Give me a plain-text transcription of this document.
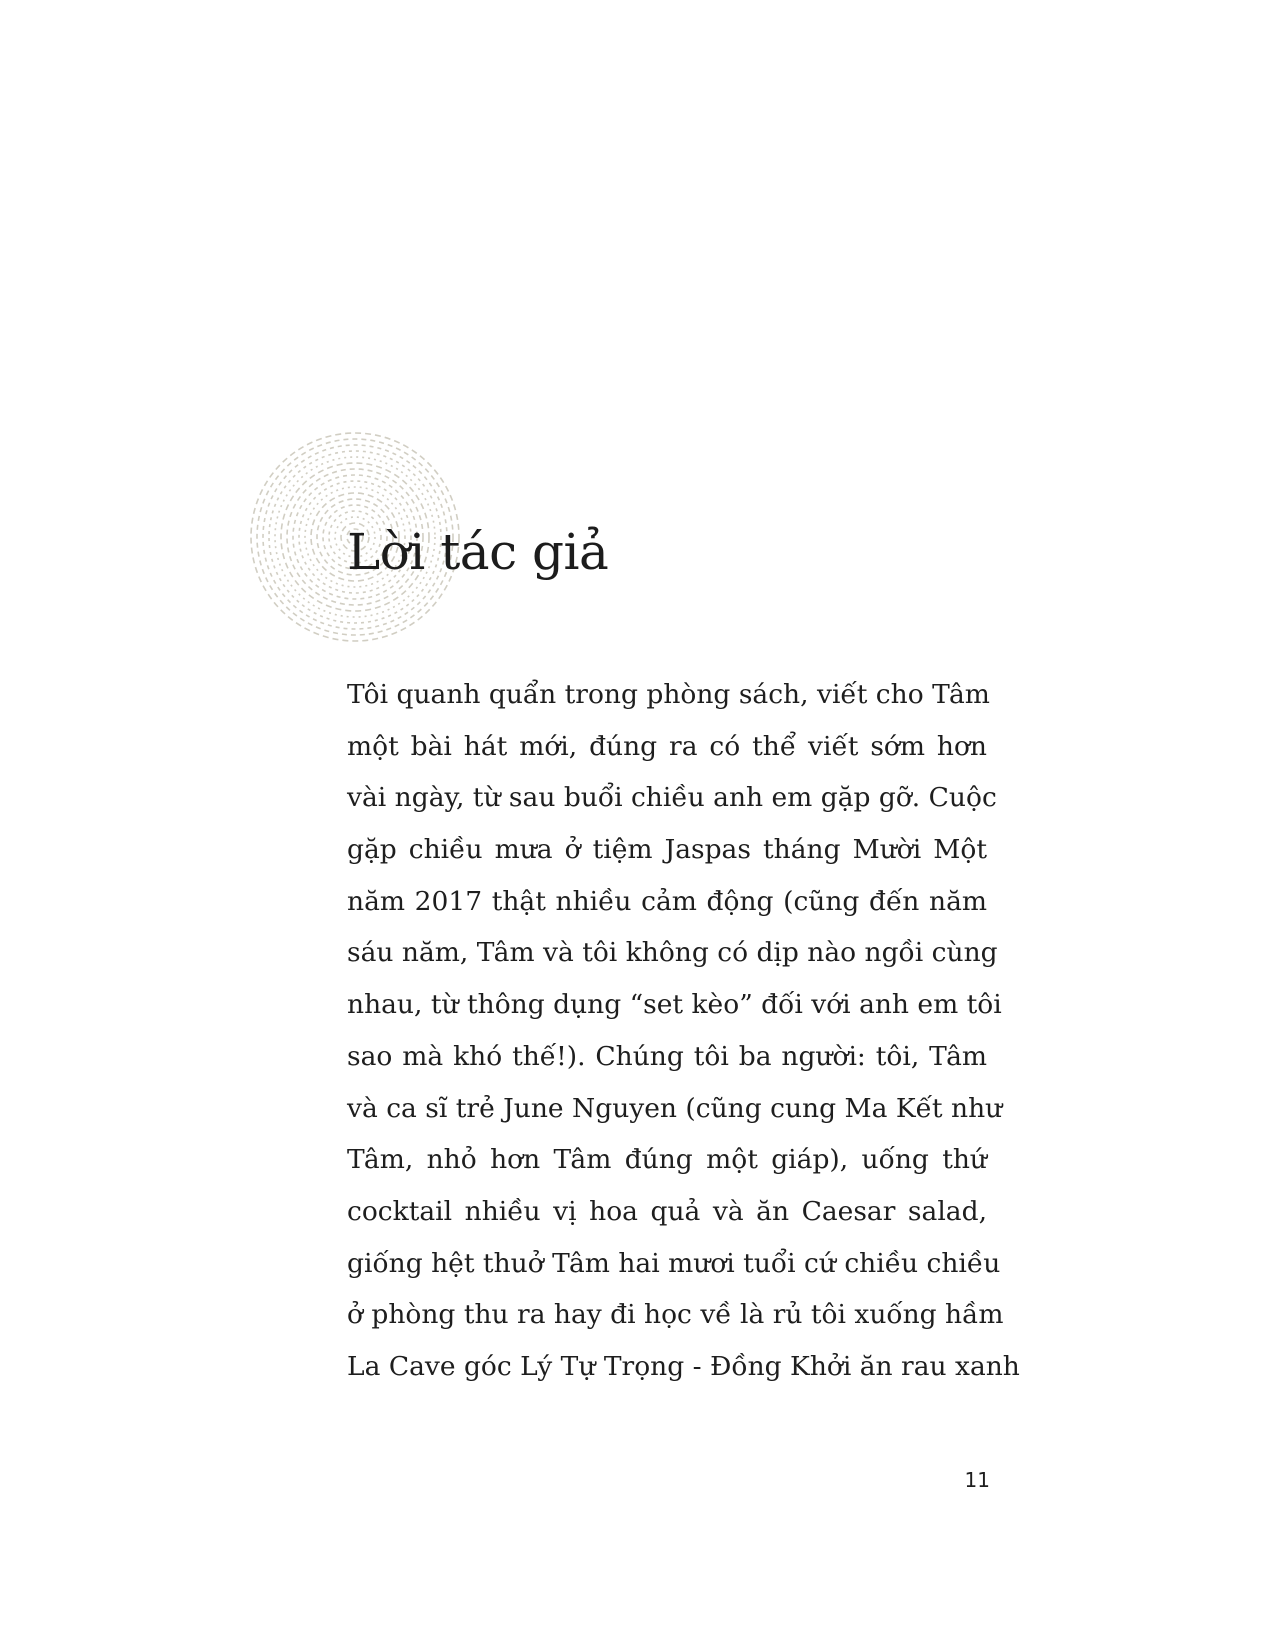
Lời tác giả
Tôi quanh quẩn trong phòng sách, viết cho Tâm
một bài hát mới, đúng ra có thể viết sớm hơn
vài ngày, từ sau buổi chiều anh em gặp gỡ. Cuộc
gặp chiều mưa ở tiệm Jaspas tháng Mười Một
năm 2017 thật nhiều cảm động (cũng đến năm
sáu năm, Tâm và tôi không có dịp nào ngồi cùng
nhau, từ thông dụng “set kèo” đối với anh em tôi
sao mà khó thế!). Chúng tôi ba người: tôi, Tâm
và ca sĩ trẻ June Nguyen (cũng cung Ma Kết như
Tâm, nhỏ hơn Tâm đúng một giáp), uống thứ
cocktail nhiều vị hoa quả và ăn Caesar salad,
giống hệt thuở Tâm hai mươi tuổi cứ chiều chiều
ở phòng thu ra hay đi học về là rủ tôi xuống hầm
La Cave góc Lý Tự Trọng - Đồng Khởi ăn rau xanh
11
